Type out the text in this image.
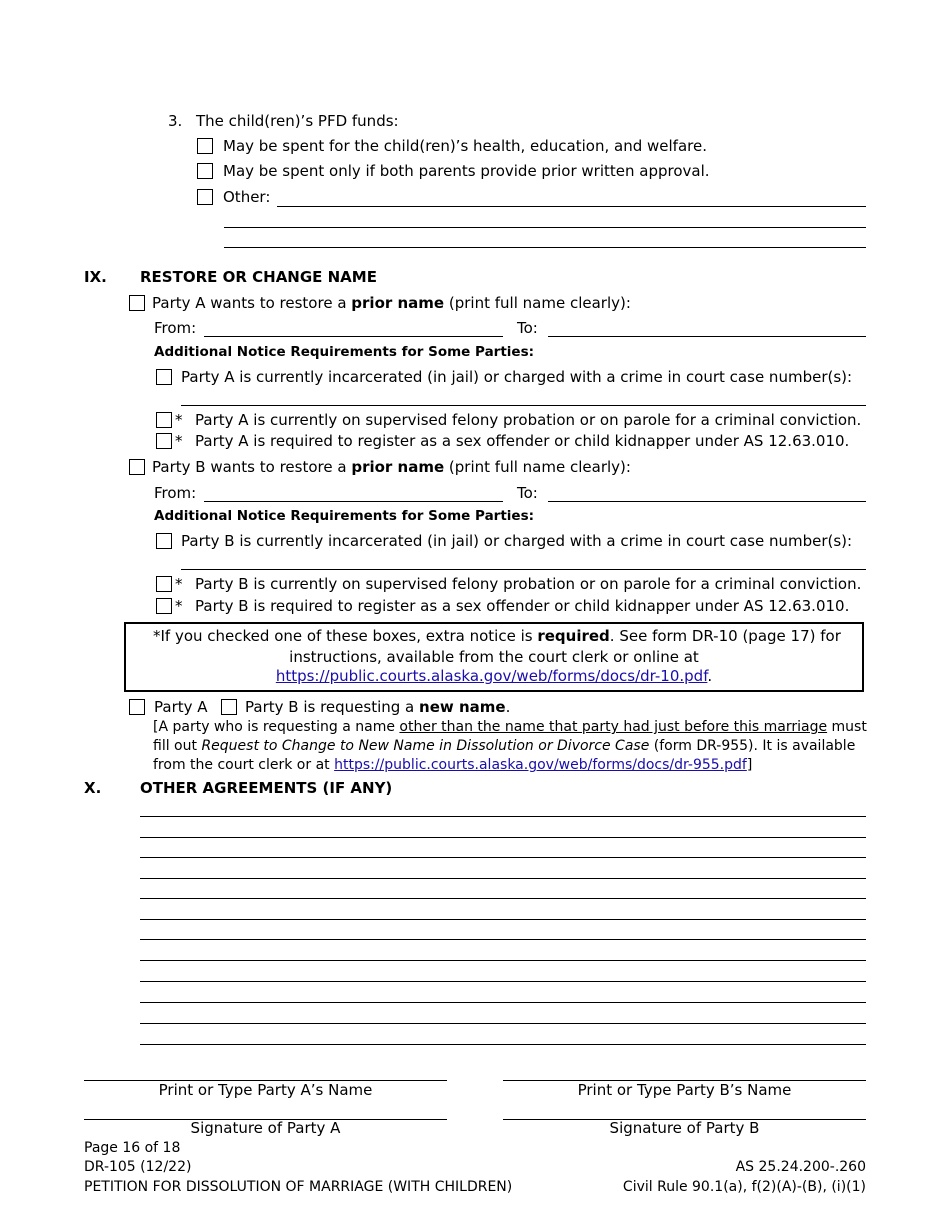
3. The child(ren)’s PFD funds:
May be spent for the child(ren)’s health, education, and welfare.
May be spent only if both parents provide prior written approval.
Other:
IX. RESTORE OR CHANGE NAME
Party A wants to restore a prior name (print full name clearly):
From:	To:
Additional Notice Requirements for Some Parties:
Party A is currently incarcerated (in jail) or charged with a crime in court case number(s):
* Party A is currently on supervised felony probation or on parole for a criminal conviction.
* Party A is required to register as a sex offender or child kidnapper under AS 12.63.010.
Party B wants to restore a prior name (print full name clearly):
From:	To:
Additional Notice Requirements for Some Parties:
Party B is currently incarcerated (in jail) or charged with a crime in court case number(s):
* Party B is currently on supervised felony probation or on parole for a criminal conviction.
* Party B is required to register as a sex offender or child kidnapper under AS 12.63.010.
*If you checked one of these boxes, extra notice is required. See form DR-10 (page 17) for
instructions, available from the court clerk or online at
https://public.courts.alaska.gov/web/forms/docs/dr-10.pdf.
Party A Party B is requesting a new name.
[A party who is requesting a name other than the name that party had just before this marriage must
fill out Request to Change to New Name in Dissolution or Divorce Case (form DR-955). It is available
from the court clerk or at https://public.courts.alaska.gov/web/forms/docs/dr-955.pdf]
X.	OTHER AGREEMENTS (IF ANY)
Print or Type Party A’s Name	Print or Type Party B’s Name
Signature of Party A	Signature of Party B
Page 16 of 18
DR-105 (12/22)
PETITION FOR DISSOLUTION OF MARRIAGE (WITH CHILDREN)
AS 25.24.200-.260
Civil Rule 90.1(a), f(2)(A)-(B), (i)(1)
